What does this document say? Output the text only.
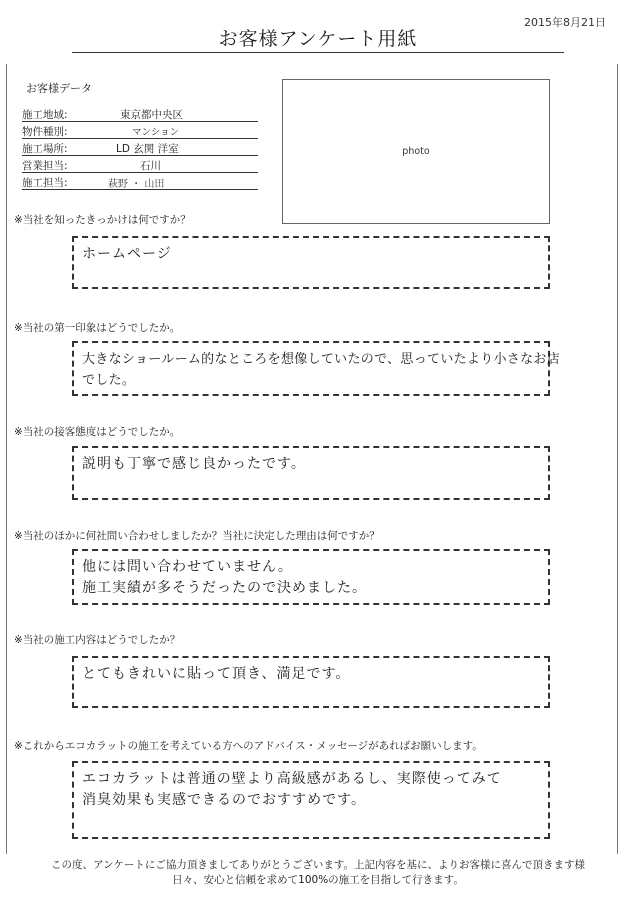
2015年8月21日
お客様アンケート用紙
お客様データ
施工地域:	東京都中央区
物件種別:	マンション
施工場所:	LD 玄関 洋室
営業担当:	石川
施工担当:	萩野 ・ 山田
photo
※当社を知ったきっかけは何ですか？

ホームページ

※当社の第一印象はどうでしたか。

大きなショールーム的なところを想像していたので、思っていたより小さなお店

でした。

※当社の接客態度はどうでしたか。

説明も丁寧で感じ良かったです。

※当社のほかに何社問い合わせしましたか？当社に決定した理由は何ですか？

他には問い合わせていません。

施工実績が多そうだったので決めました。

※当社の施工内容はどうでしたか？

とてもきれいに貼って頂き、満足です。

※これからエコカラットの施工を考えている方へのアドバイス・メッセージがあればお願いします。

エコカラットは普通の壁より高級感があるし、実際使ってみて

消臭効果も実感できるのでおすすめです。

この度、アンケートにご協力頂きましてありがとうございます。上記内容を基に、よりお客様に喜んで頂きます様
日々、安心と信頼を求めて100%の施工を目指して行きます。
